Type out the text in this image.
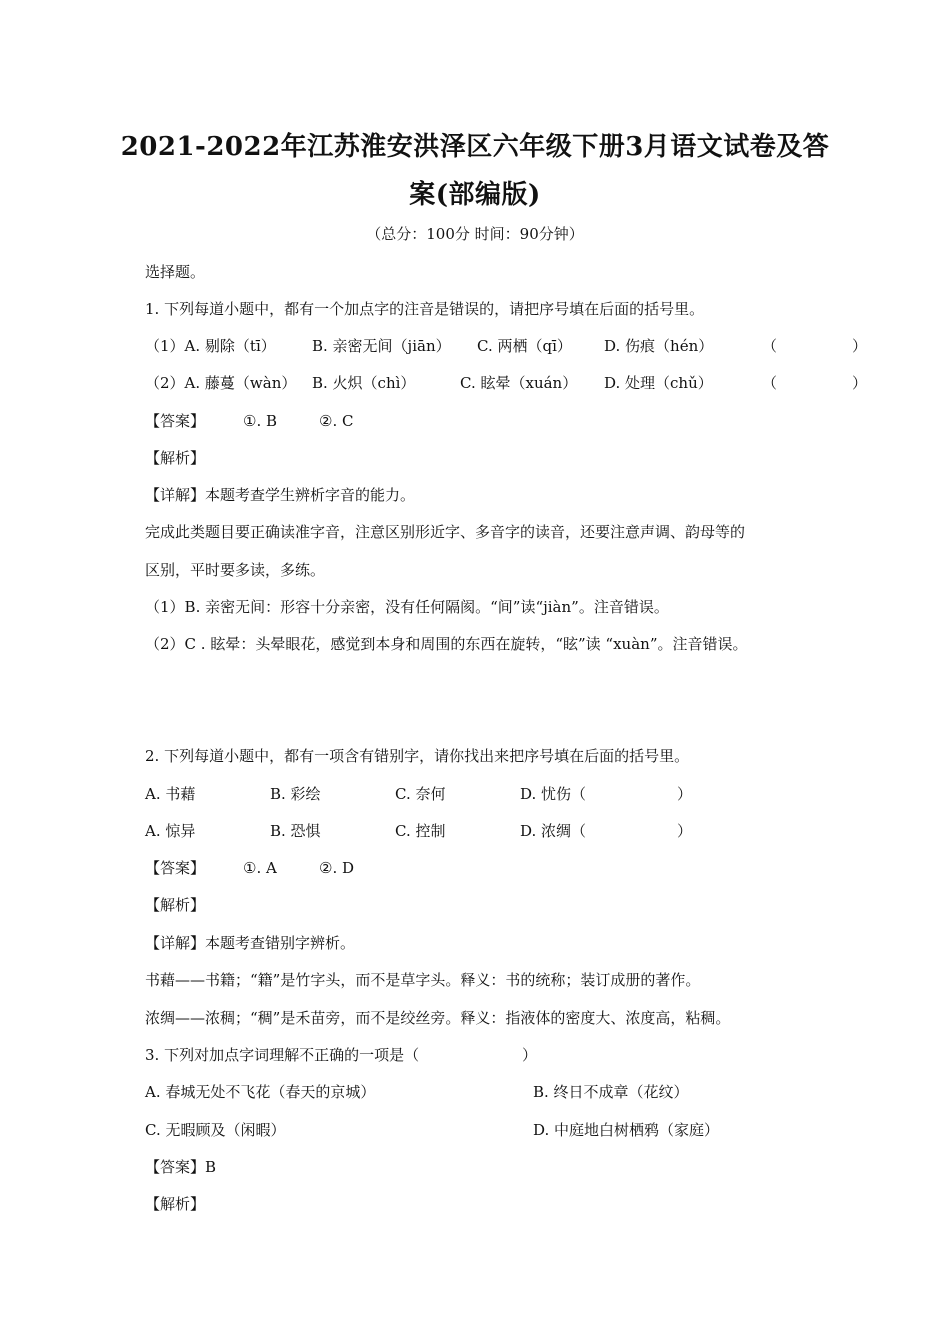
2021-2022年江苏淮安洪泽区六年级下册3月语文试卷及答
案(部编版)
（总分：100分 时间：90分钟）
选择题。
1. 下列每道小题中，都有一个加点字的注音是错误的，请把序号填在后面的括号里。
（1）A. 剔除（tī） B. 亲密无间（jiān） C. 两栖（qī） D. 伤痕（hén）	（	）
（2）A. 藤蔓（wàn） B. 火炽（chì）	C. 眩晕（xuán） D. 处理（chǔ）	（	）
【答案】	①. B	②. C
【解析】
【详解】本题考查学生辨析字音的能力。
完成此类题目要正确读准字音，注意区别形近字、多音字的读音，还要注意声调、韵母等的
区别，平时要多读，多练。
（1）B. 亲密无间：形容十分亲密，没有任何隔阂。“间”读“jiàn”。注音错误。
（2）C . 眩晕：头晕眼花，感觉到本身和周围的东西在旋转，“眩”读 “xuàn”。注音错误。
2. 下列每道小题中，都有一项含有错别字，请你找出来把序号填在后面的括号里。
A. 书藉	B. 彩绘	C. 奈何	D. 忧伤（	）
A. 惊异	B. 恐惧	C. 控制	D. 浓绸（	）
【答案】	①. A	②. D
【解析】
【详解】本题考查错别字辨析。
书藉——书籍；“籍”是竹字头，而不是草字头。释义：书的统称；装订成册的著作。
浓绸——浓稠；“稠”是禾苗旁，而不是绞丝旁。释义：指液体的密度大、浓度高，粘稠。
3. 下列对加点字词理解不正确的一项是（	）
A. 春城无处不飞花（春天的京城）	B. 终日不成章（花纹）
C. 无暇顾及（闲暇）	D. 中庭地白树栖鸦（家庭）
【答案】B
【解析】
